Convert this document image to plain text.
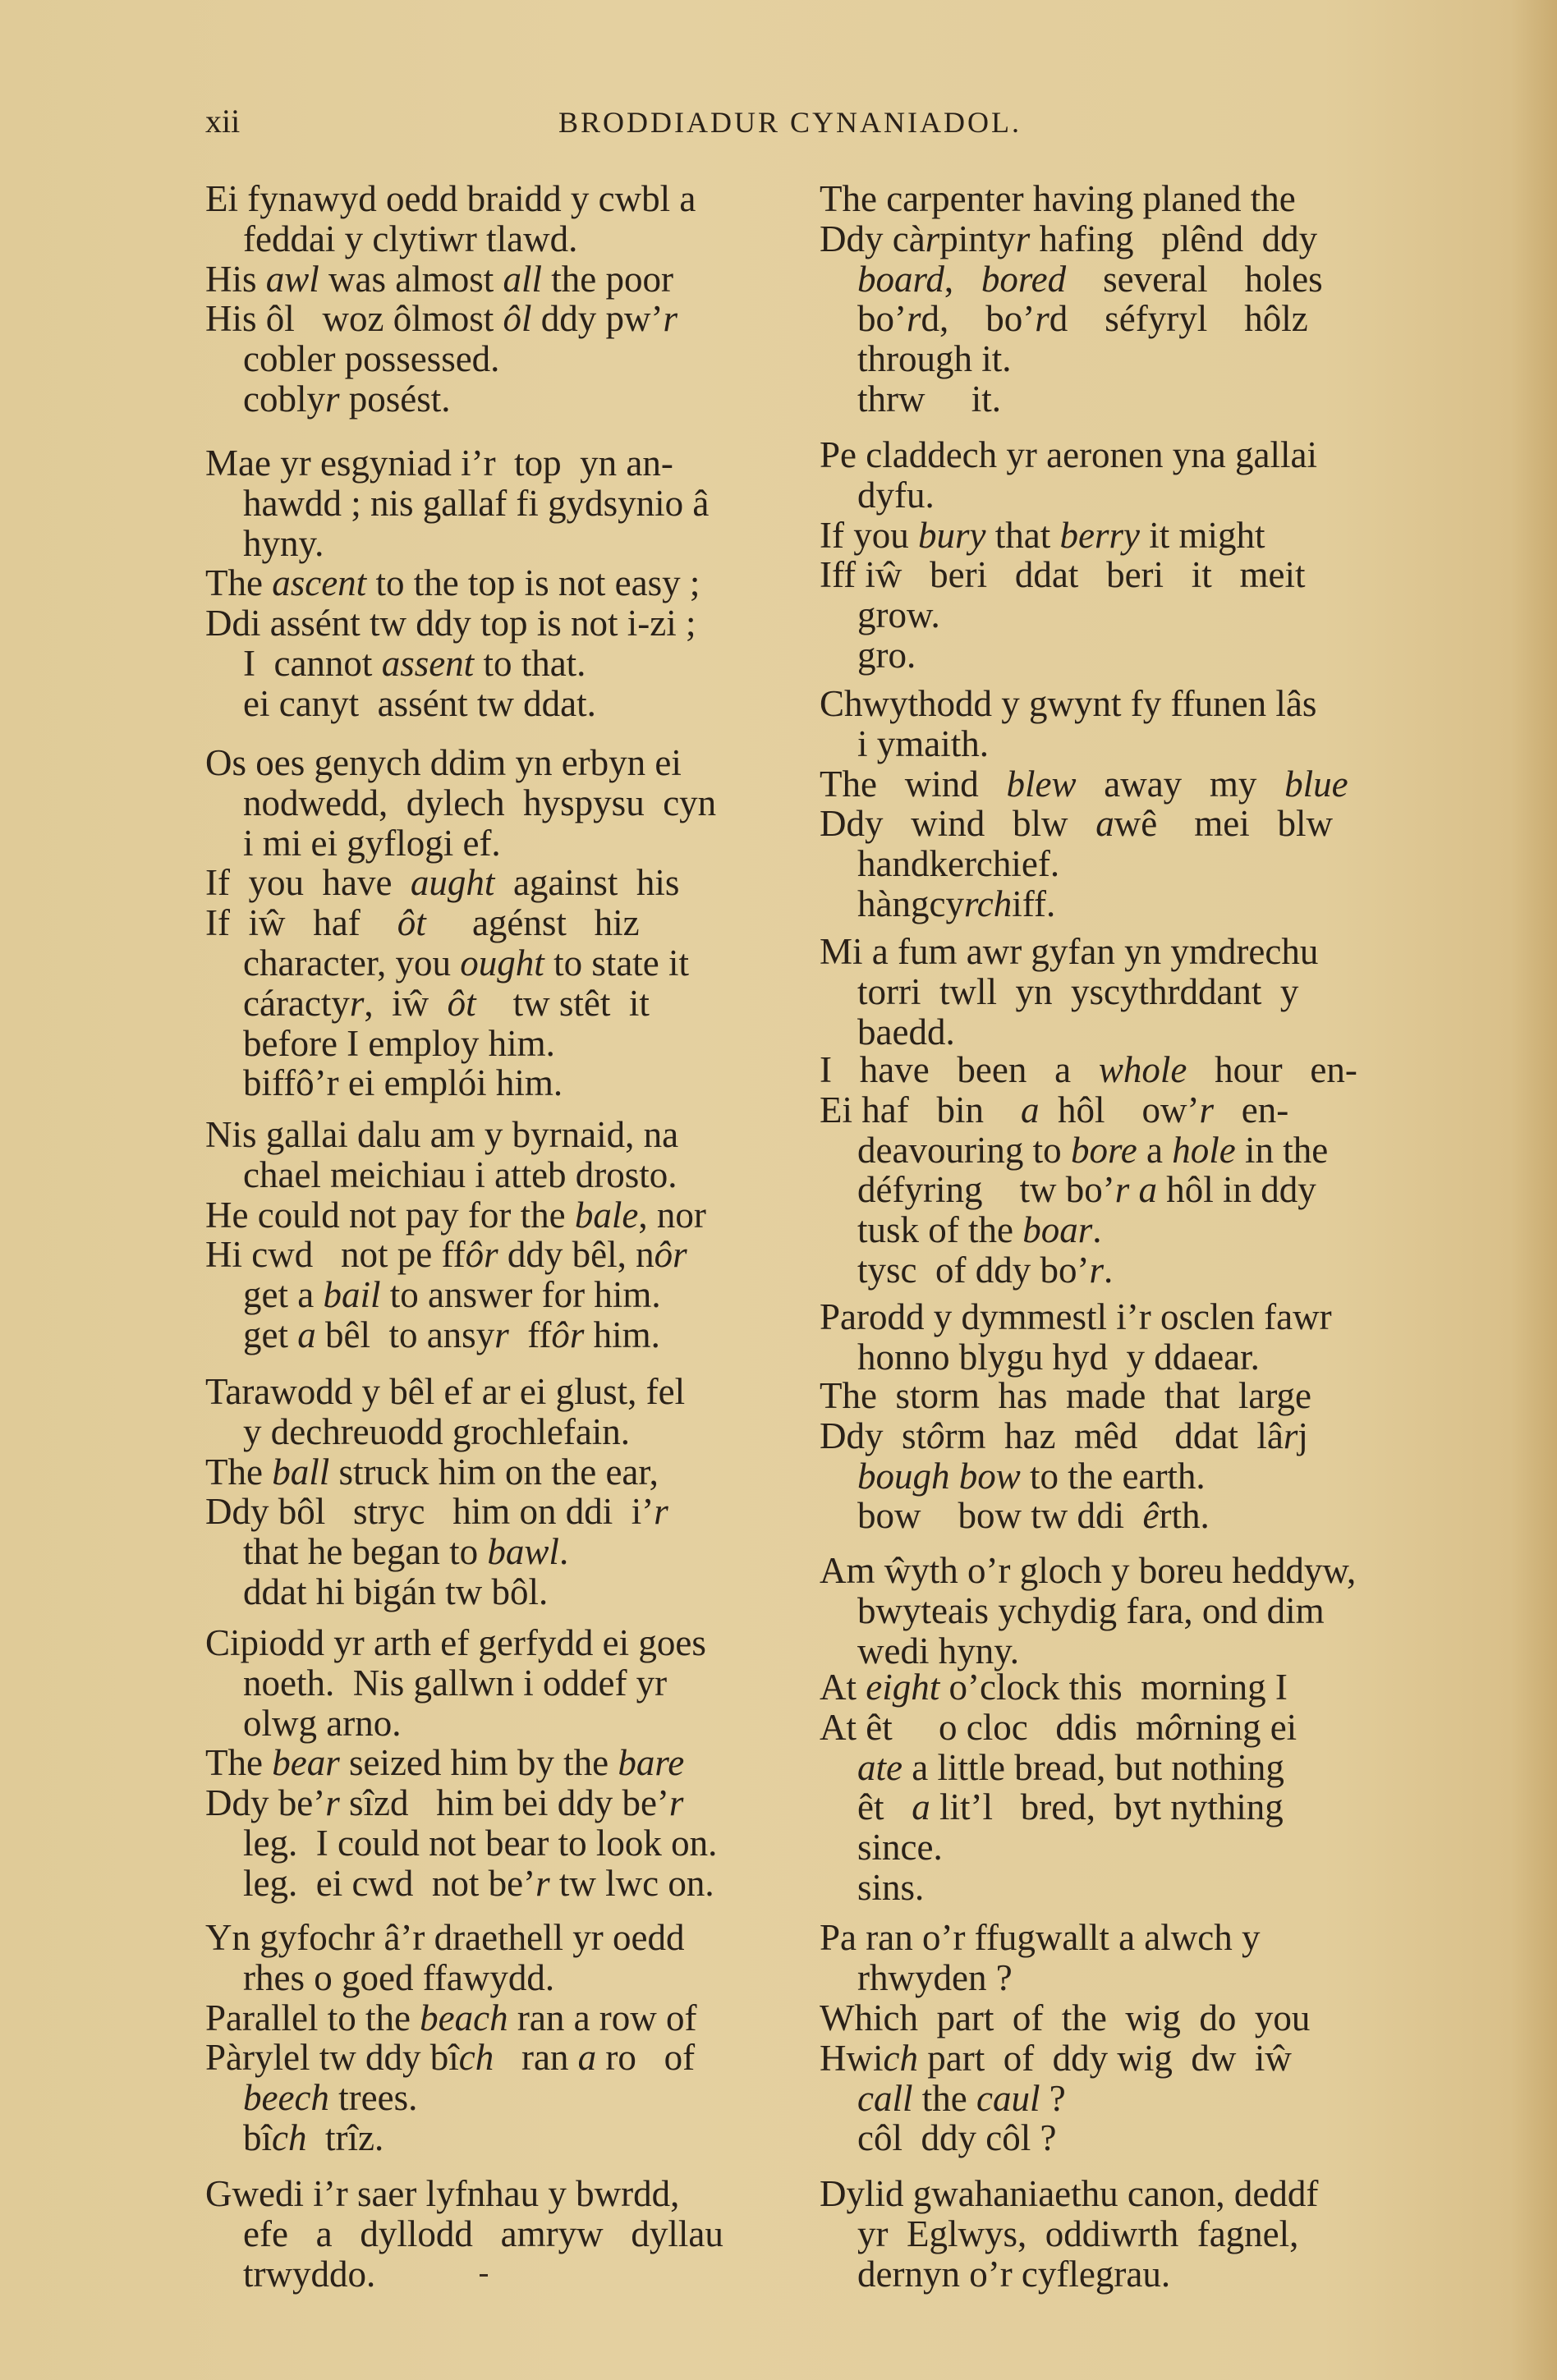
xii	BRODDIADUR CYNANIADOL.
Ei fynawyd oedd braidd y cwbl a
feddai y clytiwr tlawd.
His awl was almost all the poor
His ôl   woz ôlmost ôl ddy pw’r
cobler possessed.
coblyr posést.
Mae yr esgyniad i’r  top  yn an-
hawdd ; nis gallaf fi gydsynio â
hyny.
The ascent to the top is not easy ;
Ddi assént tw ddy top is not i-zi ;
I  cannot assent to that.
ei canyt  assént tw ddat.
Os oes genych ddim yn erbyn ei
nodwedd,  dylech  hyspysu  cyn
i mi ei gyflogi ef.
If  you  have  aught  against  his
If  iŵ   haf    ôt     agénst   hiz
character, you ought to state it
cáractyr,  iŵ  ôt    tw stêt  it
before I employ him.
biffô’r ei emplói him.
Nis gallai dalu am y byrnaid, na
chael meichiau i atteb drosto.
He could not pay for the bale, nor
Hi cwd   not pe ffôr ddy bêl, nôr
get a bail to answer for him.
get a bêl  to ansyr  ffôr him.
Tarawodd y bêl ef ar ei glust, fel
y dechreuodd grochlefain.
The ball struck him on the ear,
Ddy bôl   stryc   him on ddi  i’r
that he began to bawl.
ddat hi bigán tw bôl.
Cipiodd yr arth ef gerfydd ei goes
noeth.  Nis gallwn i oddef yr
olwg arno.
The bear seized him by the bare
Ddy be’r sîzd   him bei ddy be’r
leg.  I could not bear to look on.
leg.  ei cwd  not be’r tw lwc on.
Yn gyfochr â’r draethell yr oedd
rhes o goed ffawydd.
Parallel to the beach ran a row of
Pàrylel tw ddy bîch   ran a ro   of
beech trees.
bîch  trîz.
Gwedi i’r saer lyfnhau y bwrdd,
efe   a   dyllodd   amryw   dyllau
trwyddo.
The carpenter having planed the
Ddy càrpintyr hafing   plênd  ddy
board,   bored    several    holes
bo’rd,    bo’rd    séfyryl    hôlz
through it.
thrw     it.
Pe claddech yr aeronen yna gallai
dyfu.
If you bury that berry it might
Iff iŵ   beri   ddat   beri   it   meit
grow.
gro.
Chwythodd y gwynt fy ffunen lâs
i ymaith.
The   wind   blew   away   my   blue
Ddy   wind   blw   awê    mei   blw
handkerchief.
hàngcyrchiff.
Mi a fum awr gyfan yn ymdrechu
torri  twll  yn  yscythrddant  y
baedd.
I   have   been   a   whole   hour   en-
Ei haf   bin    a  hôl    ow’r   en-
deavouring to bore a hole in the
défyring    tw bo’r a hôl in ddy
tusk of the boar.
tysc  of ddy bo’r.
Parodd y dymmestl i’r osclen fawr
honno blygu hyd  y ddaear.
The  storm  has  made  that  large
Ddy  stôrm  haz  mêd    ddat  lârj
bough bow to the earth.
bow    bow tw ddi  êrth.
Am ŵyth o’r gloch y boreu heddyw,
bwyteais ychydig fara, ond dim
wedi hyny.
At eight o’clock this  morning I
At êt     o cloc   ddis  môrning ei
ate a little bread, but nothing
êt   a lit’l   bred,  byt nything
since.
sins.
Pa ran o’r ffugwallt a alwch y
rhwyden ?
Which  part  of  the  wig  do  you
Hwich part  of  ddy wig  dw  iŵ
call the caul ?
côl  ddy côl ?
Dylid gwahaniaethu canon, deddf
yr  Eglwys,  oddiwrth  fagnel,
dernyn o’r cyflegrau.
